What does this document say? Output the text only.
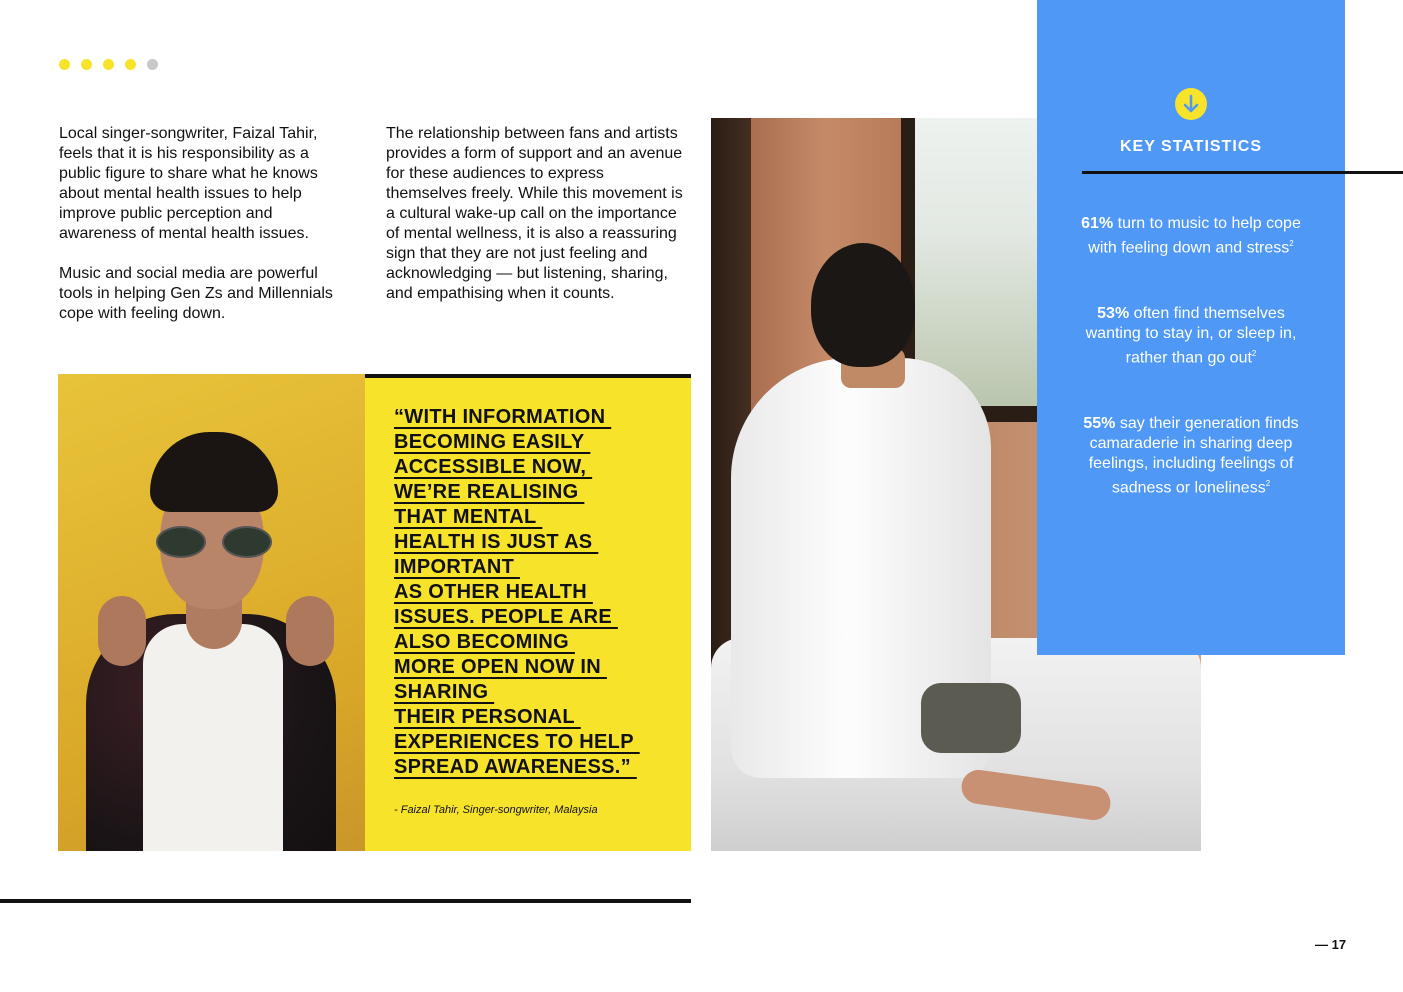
Local singer-songwriter, Faizal Tahir, feels that it is his responsibility as a public figure to share what he knows about mental health issues to help improve public perception and awareness of mental health issues.

Music and social media are powerful tools in helping Gen Zs and Millennials cope with feeling down.

The relationship between fans and artists provides a form of support and an avenue for these audiences to express themselves freely. While this movement is a cultural wake-up call on the importance of mental wellness, it is also a reassuring sign that they are not just feeling and acknowledging — but listening, sharing, and empathising when it counts.

“WITH INFORMATION
BECOMING EASILY
ACCESSIBLE NOW,
WE’RE REALISING
THAT MENTAL
HEALTH IS JUST AS
IMPORTANT
AS OTHER HEALTH
ISSUES. PEOPLE ARE
ALSO BECOMING
MORE OPEN NOW IN
SHARING
THEIR PERSONAL
EXPERIENCES TO HELP
SPREAD AWARENESS.”

- Faizal Tahir, Singer-songwriter, Malaysia

KEY STATISTICS

61% turn to music to help cope with feeling down and stress$^2$

53% often find themselves wanting to stay in, or sleep in, rather than go out$^2$

55% say their generation finds camaraderie in sharing deep feelings, including feelings of sadness or loneliness$^2$

— 17
